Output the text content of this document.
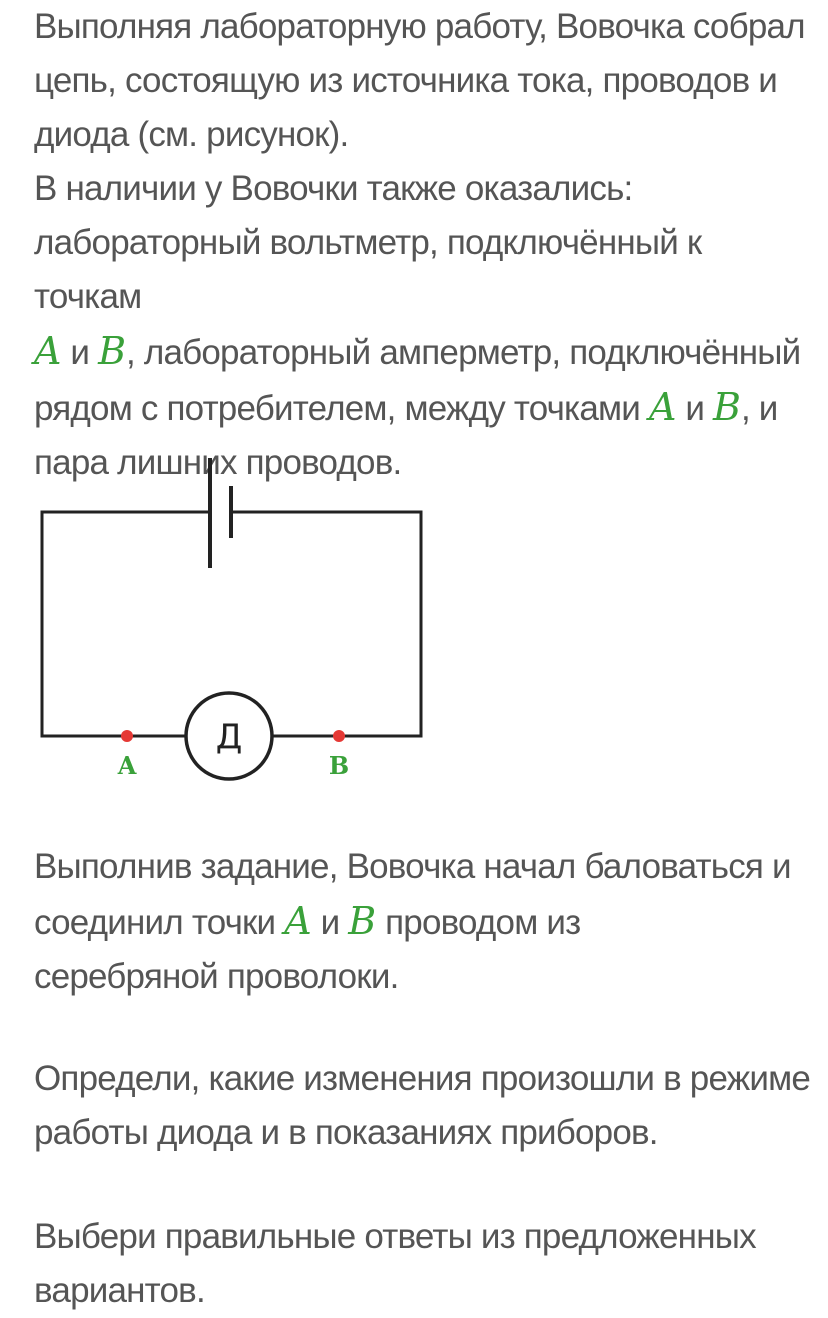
Выполняя лабораторную работу, Вовочка собрал
цепь, состоящую из источника тока, проводов и
диода (см. рисунок).
В наличии у Вовочки также оказались:
лабораторный вольтметр, подключённый к точкам
A и B, лабораторный амперметр, подключённый
рядом с потребителем, между точками A и B, и
пара лишних проводов.
Д
A	B
Выполнив задание, Вовочка начал баловаться и
соединил точки A и B проводом из
серебряной проволоки.
Определи, какие изменения произошли в режиме
работы диода и в показаниях приборов.
Выбери правильные ответы из предложенных
вариантов.
